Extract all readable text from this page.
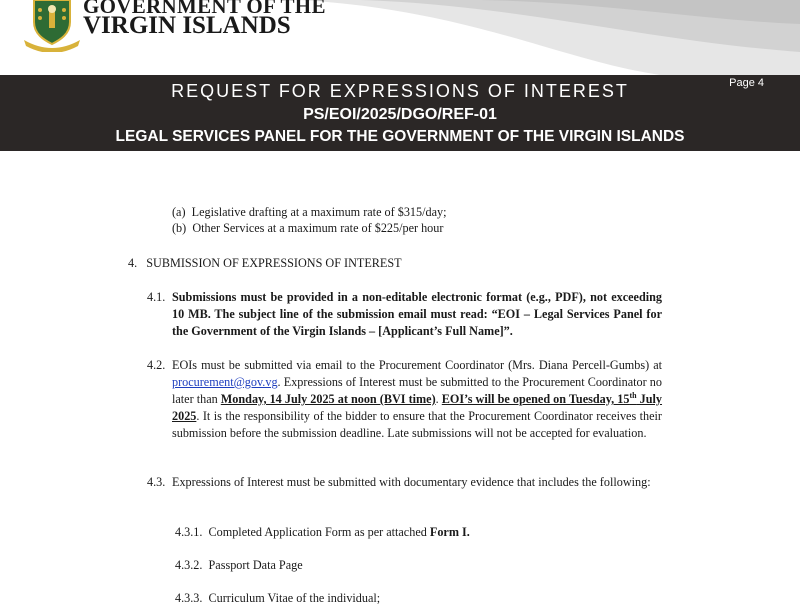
GOVERNMENT OF THE
VIRGIN ISLANDS
Page 4
REQUEST FOR EXPRESSIONS OF INTEREST
PS/EOI/2025/DGO/REF-01
LEGAL SERVICES PANEL FOR THE GOVERNMENT OF THE VIRGIN ISLANDS
(a) Legislative drafting at a maximum rate of $315/day;
(b) Other Services at a maximum rate of $225/per hour
4. SUBMISSION OF EXPRESSIONS OF INTEREST
4.1. Submissions must be provided in a non-editable electronic format (e.g., PDF), not exceeding 10 MB. The subject line of the submission email must read: “EOI – Legal Services Panel for the Government of the Virgin Islands – [Applicant’s Full Name]”.
4.2. EOIs must be submitted via email to the Procurement Coordinator (Mrs. Diana Percell-Gumbs) at procurement@gov.vg. Expressions of Interest must be submitted to the Procurement Coordinator no later than Monday, 14 July 2025 at noon (BVI time). EOI’s will be opened on Tuesday, 15th July 2025. It is the responsibility of the bidder to ensure that the Procurement Coordinator receives their submission before the submission deadline. Late submissions will not be accepted for evaluation.
4.3. Expressions of Interest must be submitted with documentary evidence that includes the following:
4.3.1. Completed Application Form as per attached Form I.
4.3.2. Passport Data Page
4.3.3. Curriculum Vitae of the individual;
